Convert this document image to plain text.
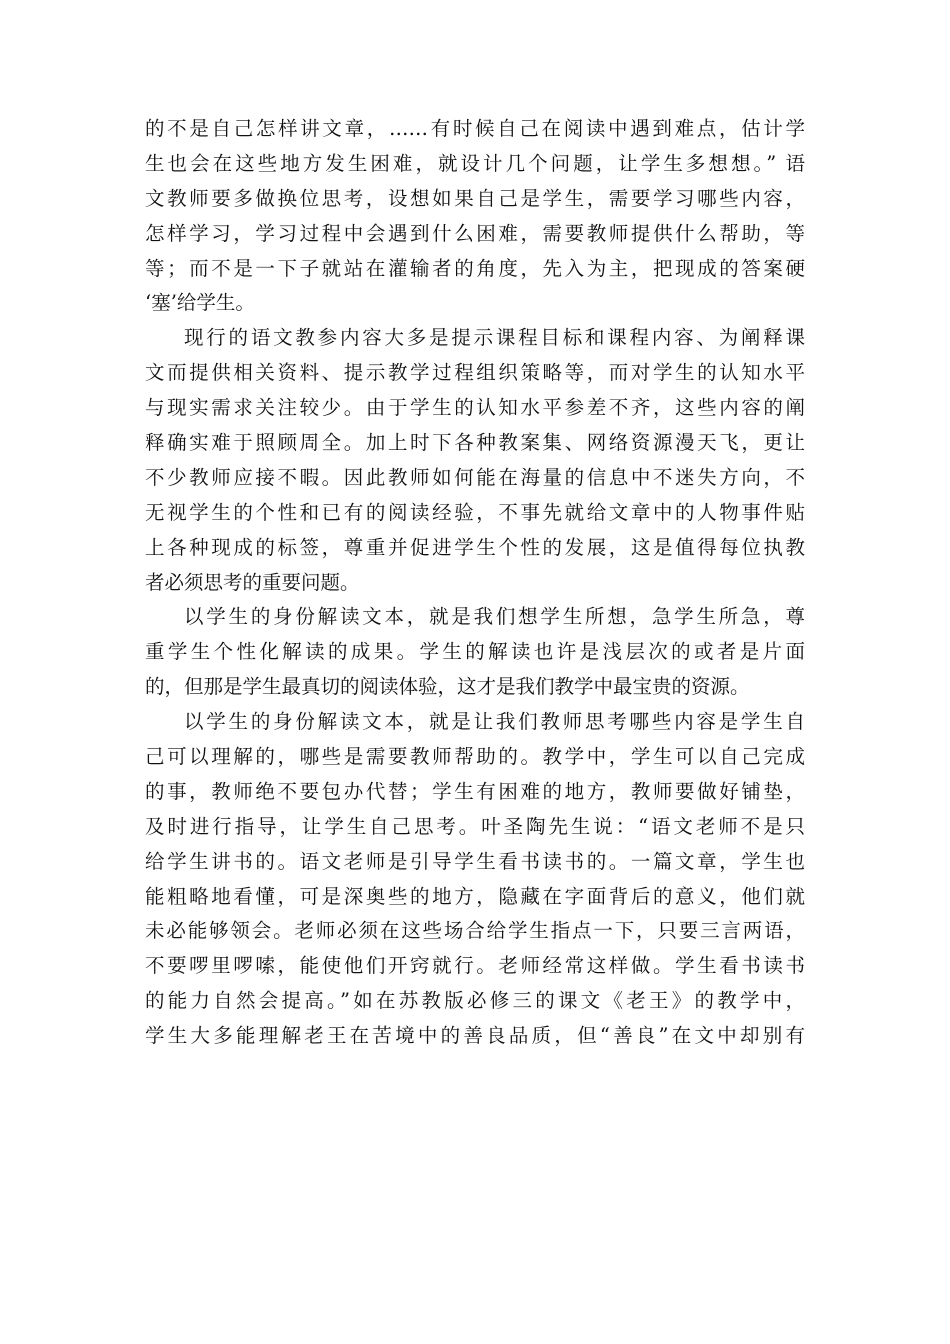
的不是自己怎样讲文章，……有时候自己在阅读中遇到难点，估计学
生也会在这些地方发生困难，就设计几个问题，让学生多想想。” 语
文教师要多做换位思考，设想如果自己是学生，需要学习哪些内容，
怎样学习，学习过程中会遇到什么困难，需要教师提供什么帮助，等
等；而不是一下子就站在灌输者的角度，先入为主，把现成的答案硬
‘塞’给学生。
现行的语文教参内容大多是提示课程目标和课程内容、为阐释课
文而提供相关资料、提示教学过程组织策略等，而对学生的认知水平
与现实需求关注较少。由于学生的认知水平参差不齐，这些内容的阐
释确实难于照顾周全。加上时下各种教案集、网络资源漫天飞，更让
不少教师应接不暇。因此教师如何能在海量的信息中不迷失方向，不
无视学生的个性和已有的阅读经验，不事先就给文章中的人物事件贴
上各种现成的标签，尊重并促进学生个性的发展，这是值得每位执教
者必须思考的重要问题。
以学生的身份解读文本，就是我们想学生所想，急学生所急，尊
重学生个性化解读的成果。学生的解读也许是浅层次的或者是片面
的，但那是学生最真切的阅读体验，这才是我们教学中最宝贵的资源。
以学生的身份解读文本，就是让我们教师思考哪些内容是学生自
己可以理解的，哪些是需要教师帮助的。教学中，学生可以自己完成
的事，教师绝不要包办代替；学生有困难的地方，教师要做好铺垫，
及时进行指导，让学生自己思考。叶圣陶先生说：“语文老师不是只
给学生讲书的。语文老师是引导学生看书读书的。一篇文章，学生也
能粗略地看懂，可是深奥些的地方，隐藏在字面背后的意义，他们就
未必能够领会。老师必须在这些场合给学生指点一下，只要三言两语，
不要啰里啰嗦，能使他们开窍就行。老师经常这样做。学生看书读书
的能力自然会提高。”如在苏教版必修三的课文《老王》的教学中，
学生大多能理解老王在苦境中的善良品质，但“善良”在文中却别有
